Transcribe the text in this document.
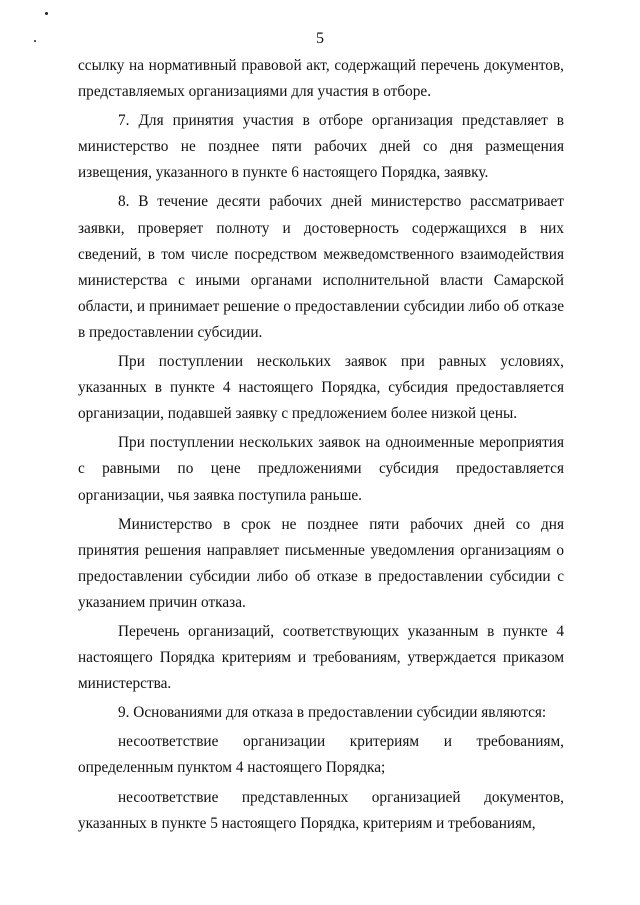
5

ссылку на нормативный правовой акт, содержащий перечень документов, представляемых организациями для участия в отборе.

7. Для принятия участия в отборе организация представляет в министерство не позднее пяти рабочих дней со дня размещения извещения, указанного в пункте 6 настоящего Порядка, заявку.

8. В течение десяти рабочих дней министерство рассматривает заявки, проверяет полноту и достоверность содержащихся в них сведений, в том числе посредством межведомственного взаимодействия министерства с иными органами исполнительной власти Самарской области, и принимает решение о предоставлении субсидии либо об отказе в предоставлении субсидии.

При поступлении нескольких заявок при равных условиях, указанных в пункте 4 настоящего Порядка, субсидия предоставляется организации, подавшей заявку с предложением более низкой цены.

При поступлении нескольких заявок на одноименные мероприятия с равными по цене предложениями субсидия предоставляется организации, чья заявка поступила раньше.

Министерство в срок не позднее пяти рабочих дней со дня принятия решения направляет письменные уведомления организациям о предоставлении субсидии либо об отказе в предоставлении субсидии с указанием причин отказа.

Перечень организаций, соответствующих указанным в пункте 4 настоящего Порядка критериям и требованиям, утверждается приказом министерства.

9. Основаниями для отказа в предоставлении субсидии являются:

несоответствие организации критериям и требованиям, определенным пунктом 4 настоящего Порядка;

несоответствие представленных организацией документов, указанных в пункте 5 настоящего Порядка, критериям и требованиям,
